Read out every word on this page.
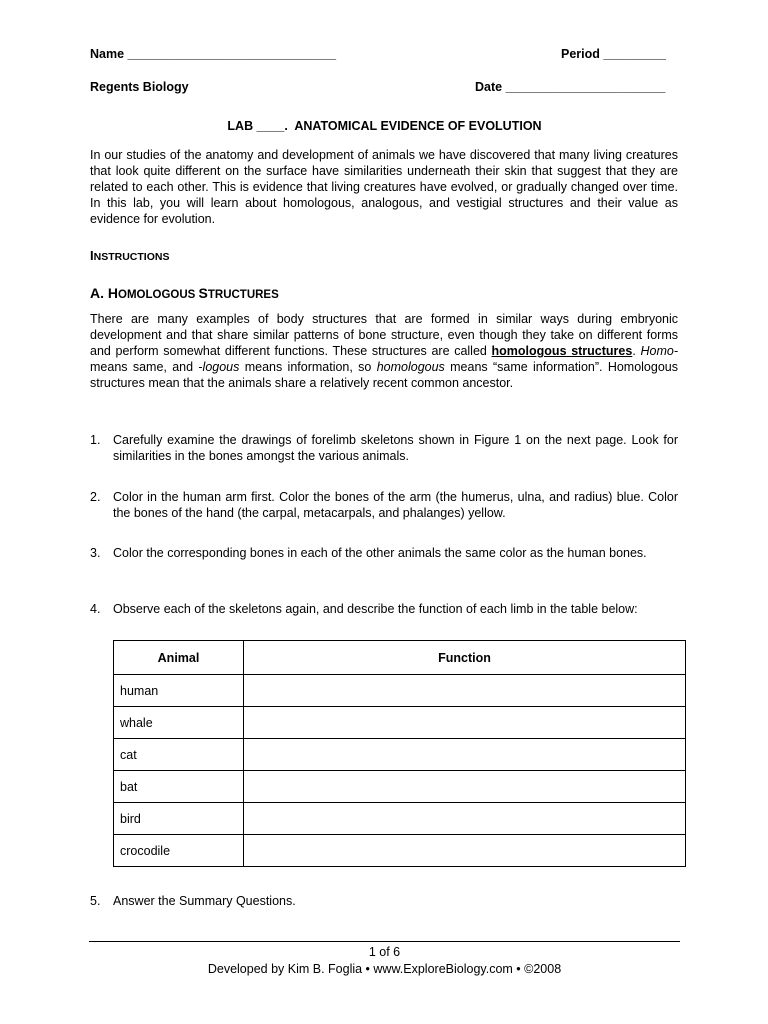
Name ______________________________	Period _________
Regents Biology	Date _______________________
LAB ____.  ANATOMICAL EVIDENCE OF EVOLUTION
In our studies of the anatomy and development of animals we have discovered that many living creatures that look quite different on the surface have similarities underneath their skin that suggest that they are related to each other. This is evidence that living creatures have evolved, or gradually changed over time. In this lab, you will learn about homologous, analogous, and vestigial structures and their value as evidence for evolution.
INSTRUCTIONS
A. HOMOLOGOUS STRUCTURES
There are many examples of body structures that are formed in similar ways during embryonic development and that share similar patterns of bone structure, even though they take on different forms and perform somewhat different functions. These structures are called homologous structures. Homo- means same, and -logous means information, so homologous means “same information”. Homologous structures mean that the animals share a relatively recent common ancestor.
1. Carefully examine the drawings of forelimb skeletons shown in Figure 1 on the next page. Look for similarities in the bones amongst the various animals.
2. Color in the human arm first. Color the bones of the arm (the humerus, ulna, and radius) blue. Color the bones of the hand (the carpal, metacarpals, and phalanges) yellow.
3. Color the corresponding bones in each of the other animals the same color as the human bones.
4. Observe each of the skeletons again, and describe the function of each limb in the table below:
Animal	Function
human	
whale	
cat	
bat	
bird	
crocodile	
5. Answer the Summary Questions.
1 of 6
Developed by Kim B. Foglia • www.ExploreBiology.com • ©2008
